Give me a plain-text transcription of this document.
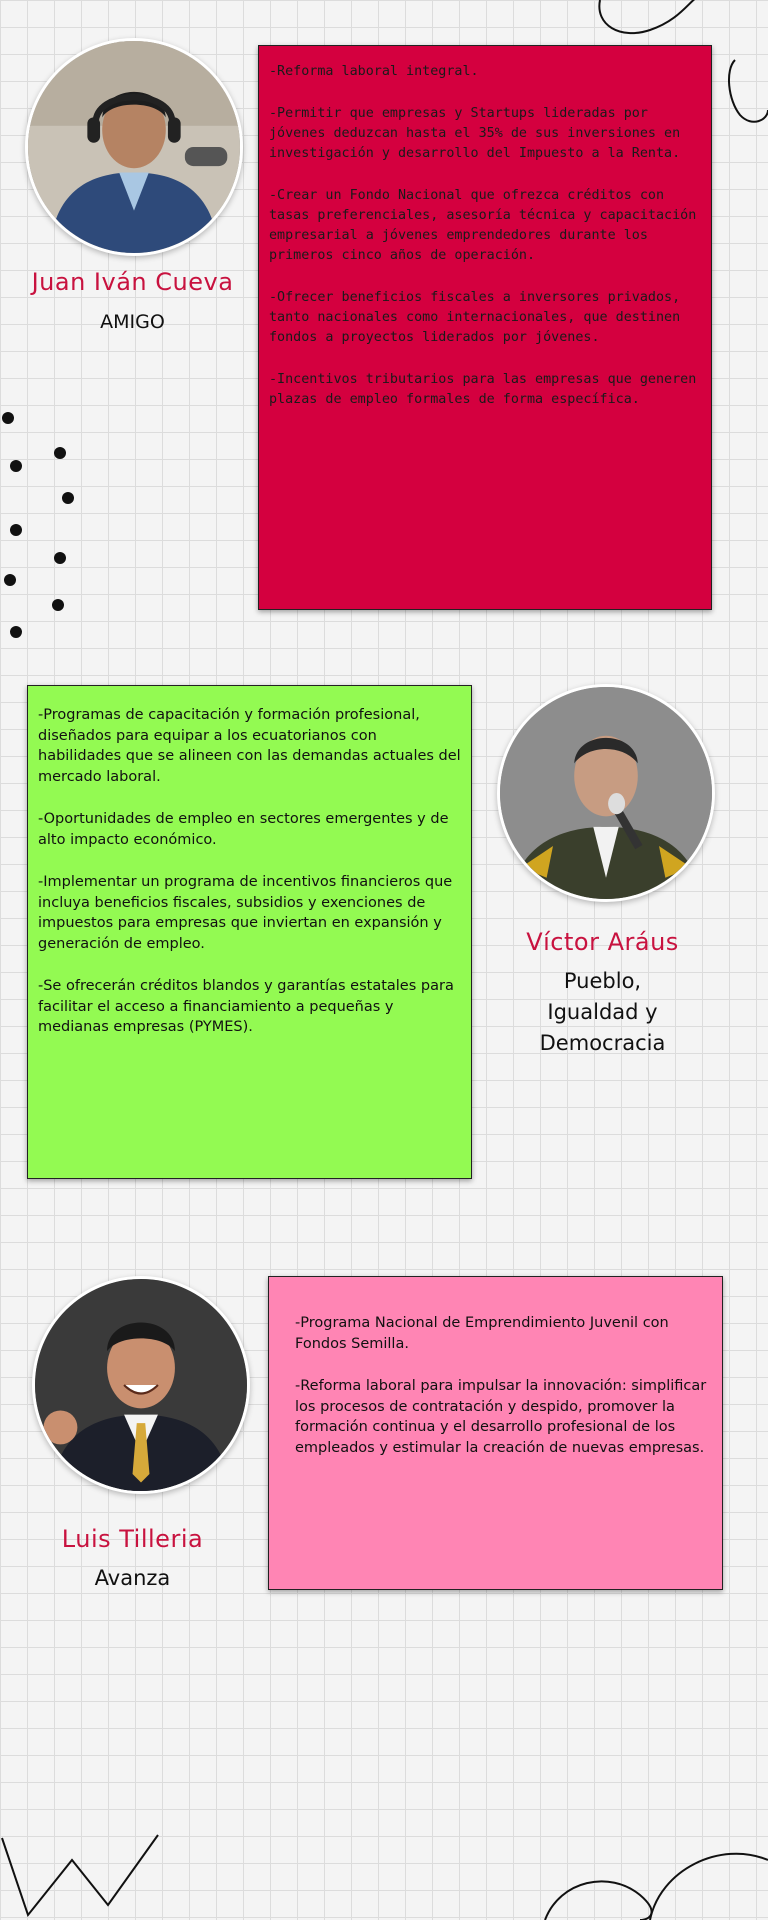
Juan Iván Cueva
AMIGO

-Reforma laboral integral.

-Permitir que empresas y Startups lideradas por jóvenes deduzcan hasta el 35% de sus inversiones en investigación y desarrollo del Impuesto a la Renta.

-Crear un Fondo Nacional que ofrezca créditos con tasas preferenciales, asesoría técnica y capacitación empresarial a jóvenes emprendedores durante los primeros cinco años de operación.

-Ofrecer beneficios fiscales a inversores privados, tanto nacionales como internacionales, que destinen fondos a proyectos liderados por jóvenes.

-Incentivos tributarios para las empresas que generen plazas de empleo formales de forma específica.

-Programas de capacitación y formación profesional, diseñados para equipar a los ecuatorianos con habilidades que se alineen con las demandas actuales del mercado laboral.

-Oportunidades de empleo en sectores emergentes y de alto impacto económico.

-Implementar un programa de incentivos financieros que incluya beneficios fiscales, subsidios y exenciones de impuestos para empresas que inviertan en expansión y generación de empleo.

-Se ofrecerán créditos blandos y garantías estatales para facilitar el acceso a financiamiento a pequeñas y medianas empresas (PYMES).

Víctor Aráus
Pueblo, Igualdad y Democracia
Luis Tilleria
Avanza

-Programa Nacional de Emprendimiento Juvenil con Fondos Semilla.

-Reforma laboral para impulsar la innovación: simplificar los procesos de contratación y despido, promover la formación continua y el desarrollo profesional de los empleados y estimular la creación de nuevas empresas.
